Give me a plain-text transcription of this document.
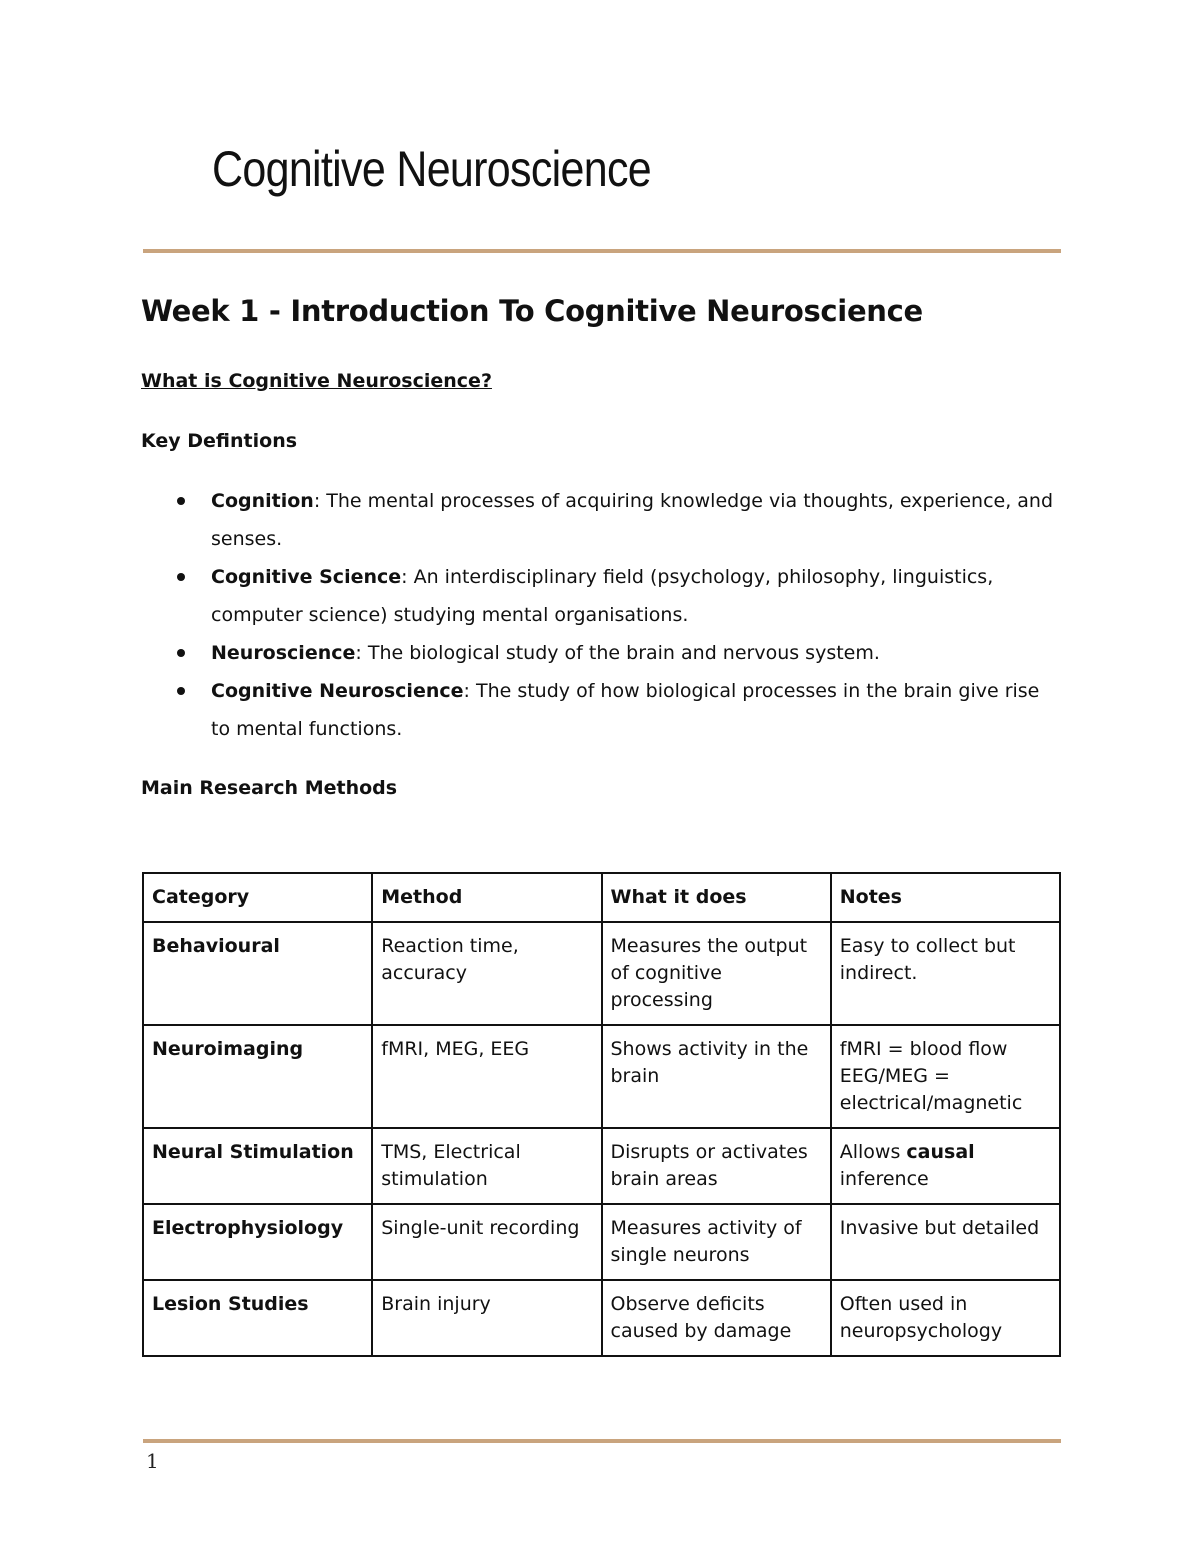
Cognitive Neuroscience
Week 1 - Introduction To Cognitive Neuroscience
What is Cognitive Neuroscience?
Key Defintions
Cognition: The mental processes of acquiring knowledge via thoughts, experience, and senses.
Cognitive Science: An interdisciplinary field (psychology, philosophy, linguistics, computer science) studying mental organisations.
Neuroscience: The biological study of the brain and nervous system.
Cognitive Neuroscience: The study of how biological processes in the brain give rise to mental functions.
Main Research Methods
Category	Method	What it does	Notes
Behavioural	Reaction time, accuracy	Measures the output of cognitive processing	Easy to collect but indirect.
Neuroimaging	fMRI, MEG, EEG	Shows activity in the brain	fMRI = blood flow EEG/MEG = electrical/magnetic
Neural Stimulation	TMS, Electrical stimulation	Disrupts or activates brain areas	Allows causal inference
Electrophysiology	Single-unit recording	Measures activity of single neurons	Invasive but detailed
Lesion Studies	Brain injury	Observe deficits caused by damage	Often used in neuropsychology
1
